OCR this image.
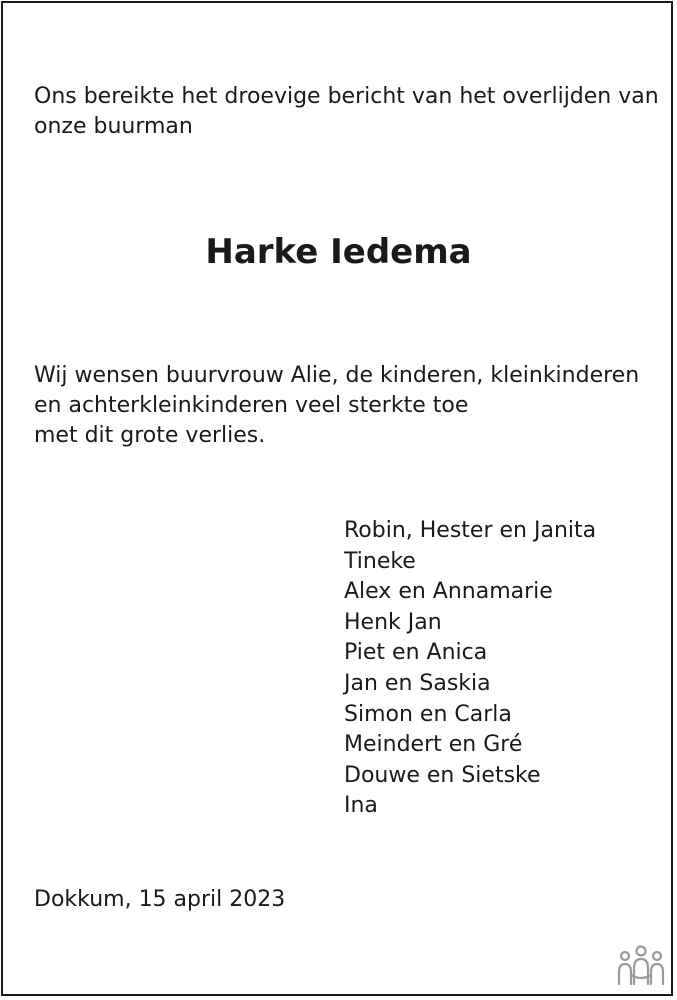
Ons bereikte het droevige bericht van het overlijden van
onze buurman
Harke Iedema
Wij wensen buurvrouw Alie, de kinderen, kleinkinderen
en achterkleinkinderen veel sterkte toe
met dit grote verlies.
Robin, Hester en Janita
Tineke
Alex en Annamarie
Henk Jan
Piet en Anica
Jan en Saskia
Simon en Carla
Meindert en Gré
Douwe en Sietske
Ina
Dokkum, 15 april 2023
